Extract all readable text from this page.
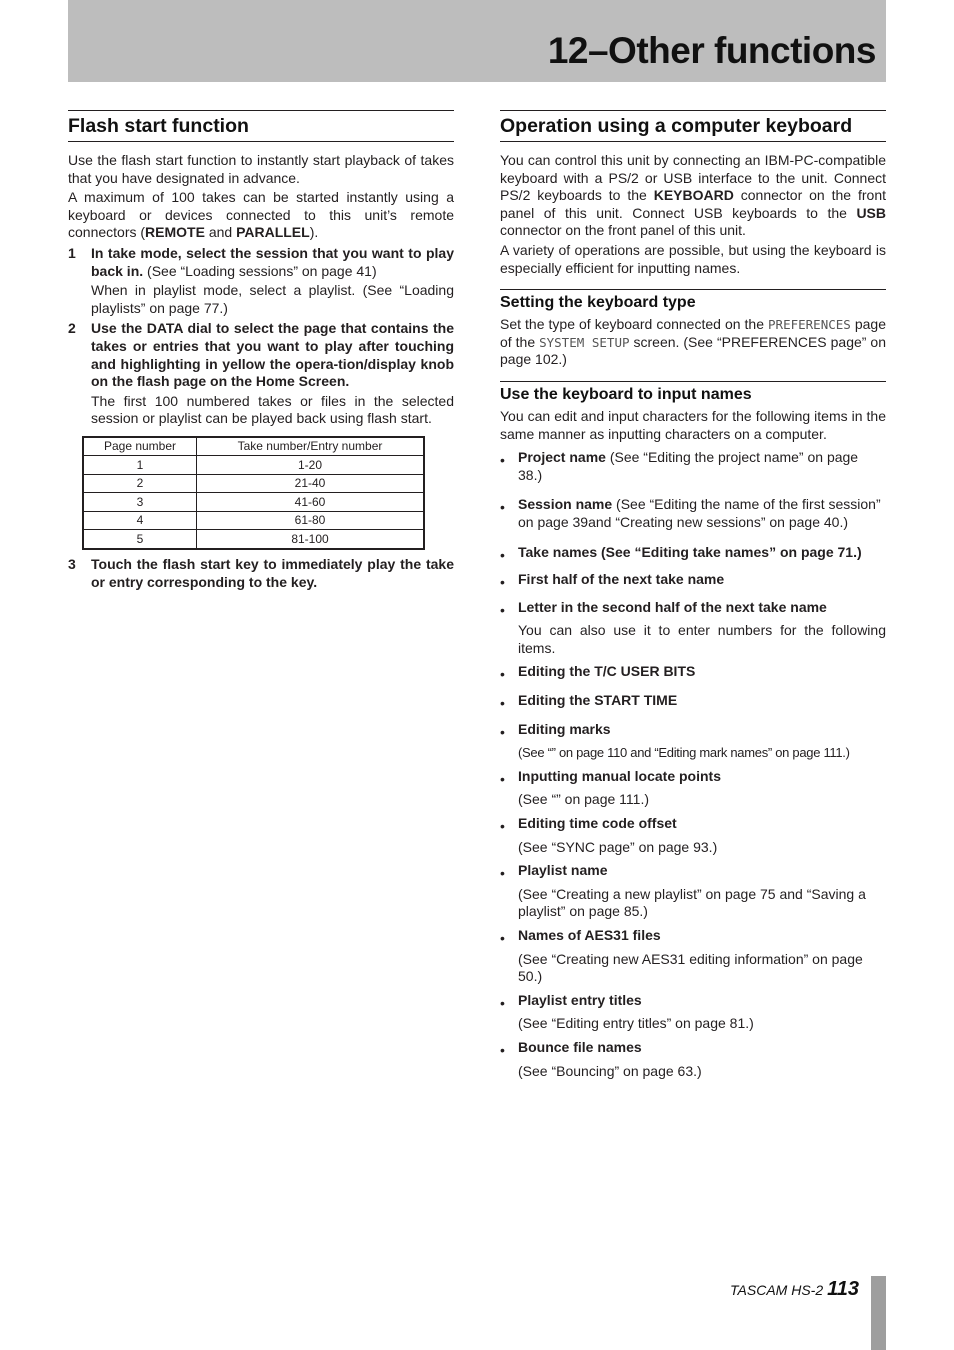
12–Other functions
Flash start function

Use the flash start function to instantly start playback of takes that you have designated in advance.

A maximum of 100 takes can be started instantly using a keyboard or devices connected to this unit’s remote connectors (REMOTE and PARALLEL).

1 In take mode, select the session that you want to play back in. (See “Loading sessions” on page 41)

When in playlist mode, select a playlist. (See “Loading playlists” on page 77.)

2 Use the DATA dial to select the page that contains the takes or entries that you want to play after touching and highlighting in yellow the opera-tion/display knob on the flash page on the Home Screen.

The first 100 numbered takes or files in the selected session or playlist can be played back using flash start.

Page number	Take number/Entry number
1	1-20
2	21-40
3	41-60
4	61-80
5	81-100
3 Touch the flash start key to immediately play the take or entry corresponding to the key.

Operation using a computer keyboard

You can control this unit by connecting an IBM-PC-compatible keyboard with a PS/2 or USB interface to the unit. Connect PS/2 keyboards to the KEYBOARD connector on the front panel of this unit. Connect USB keyboards to the USB connector on the front panel of this unit.

A variety of operations are possible, but using the keyboard is especially efficient for inputting names.

Setting the keyboard type

Set the type of keyboard connected on the PREFERENCES page of the SYSTEM SETUP screen. (See “PREFERENCES page” on page 102.)

Use the keyboard to input names

You can edit and input characters for the following items in the same manner as inputting characters on a computer.

• Project name (See “Editing the project name” on page 38.)
• Session name (See “Editing the name of the first session” on page 39and “Creating new sessions” on page 40.)
• Take names (See “Editing take names” on page 71.)
• First half of the next take name
• Letter in the second half of the next take name

You can also use it to enter numbers for the following items.

• Editing the T/C USER BITS
• Editing the START TIME
• Editing marks
(See “” on page 110 and “Editing mark names” on page 111.)
• Inputting manual locate points
(See “” on page 111.)
• Editing time code offset
(See “SYNC page” on page 93.)
• Playlist name
(See “Creating a new playlist” on page 75 and “Saving a playlist” on page 85.)
• Names of AES31 files
(See “Creating new AES31 editing information” on page 50.)
• Playlist entry titles
(See “Editing entry titles” on page 81.)
• Bounce file names
(See “Bouncing” on page 63.)
TASCAM HS-2 113
